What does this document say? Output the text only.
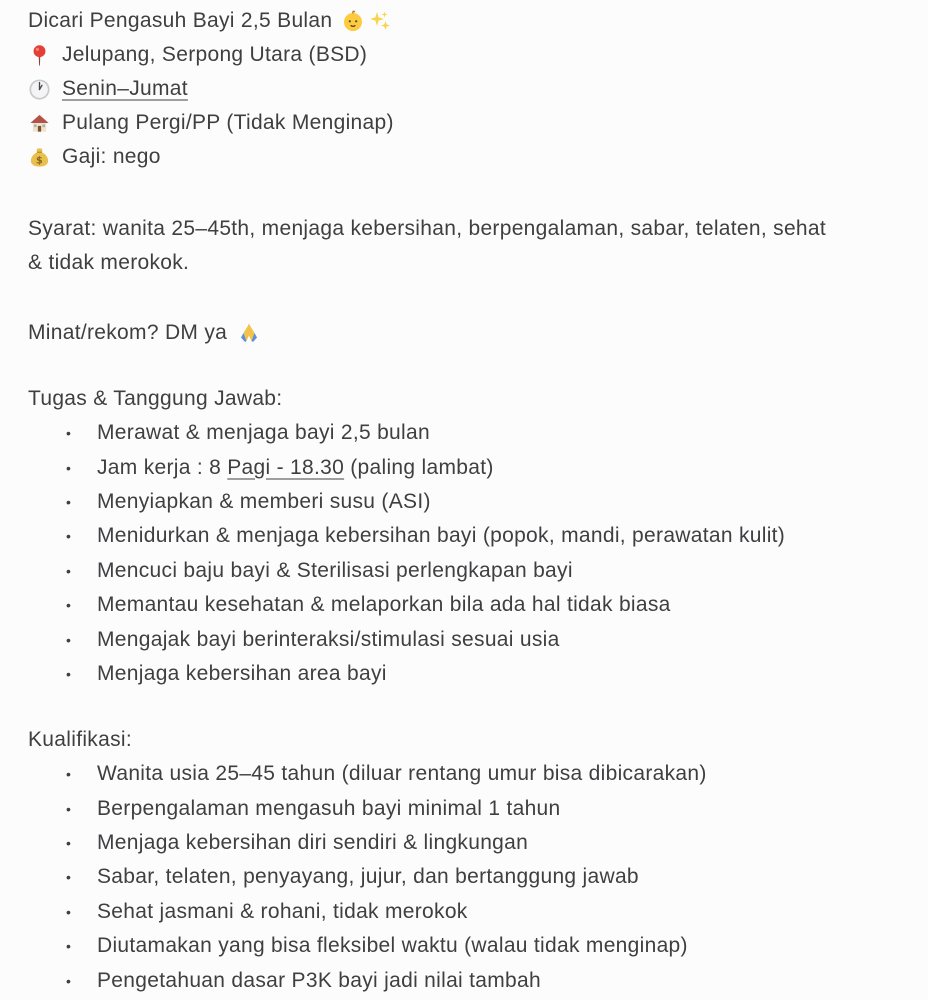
Dicari Pengasuh Bayi 2,5 Bulan
Jelupang, Serpong Utara (BSD)
Senin–Jumat
Pulang Pergi/PP (Tidak Menginap)
$ Gaji: nego
Syarat: wanita 25–45th, menjaga kebersihan, berpengalaman, sabar, telaten, sehat
& tidak merokok.
Minat/rekom? DM ya
Tugas & Tanggung Jawab:
•
Merawat & menjaga bayi 2,5 bulan
•
Jam kerja : 8 Pagi - 18.30 (paling lambat)
•
Menyiapkan & memberi susu (ASI)
•
Menidurkan & menjaga kebersihan bayi (popok, mandi, perawatan kulit)
•
Mencuci baju bayi & Sterilisasi perlengkapan bayi
•
Memantau kesehatan & melaporkan bila ada hal tidak biasa
•
Mengajak bayi berinteraksi/stimulasi sesuai usia
•
Menjaga kebersihan area bayi
Kualifikasi:
•
Wanita usia 25–45 tahun (diluar rentang umur bisa dibicarakan)
•
Berpengalaman mengasuh bayi minimal 1 tahun
•
Menjaga kebersihan diri sendiri & lingkungan
•
Sabar, telaten, penyayang, jujur, dan bertanggung jawab
•
Sehat jasmani & rohani, tidak merokok
•
Diutamakan yang bisa fleksibel waktu (walau tidak menginap)
•
Pengetahuan dasar P3K bayi jadi nilai tambah
